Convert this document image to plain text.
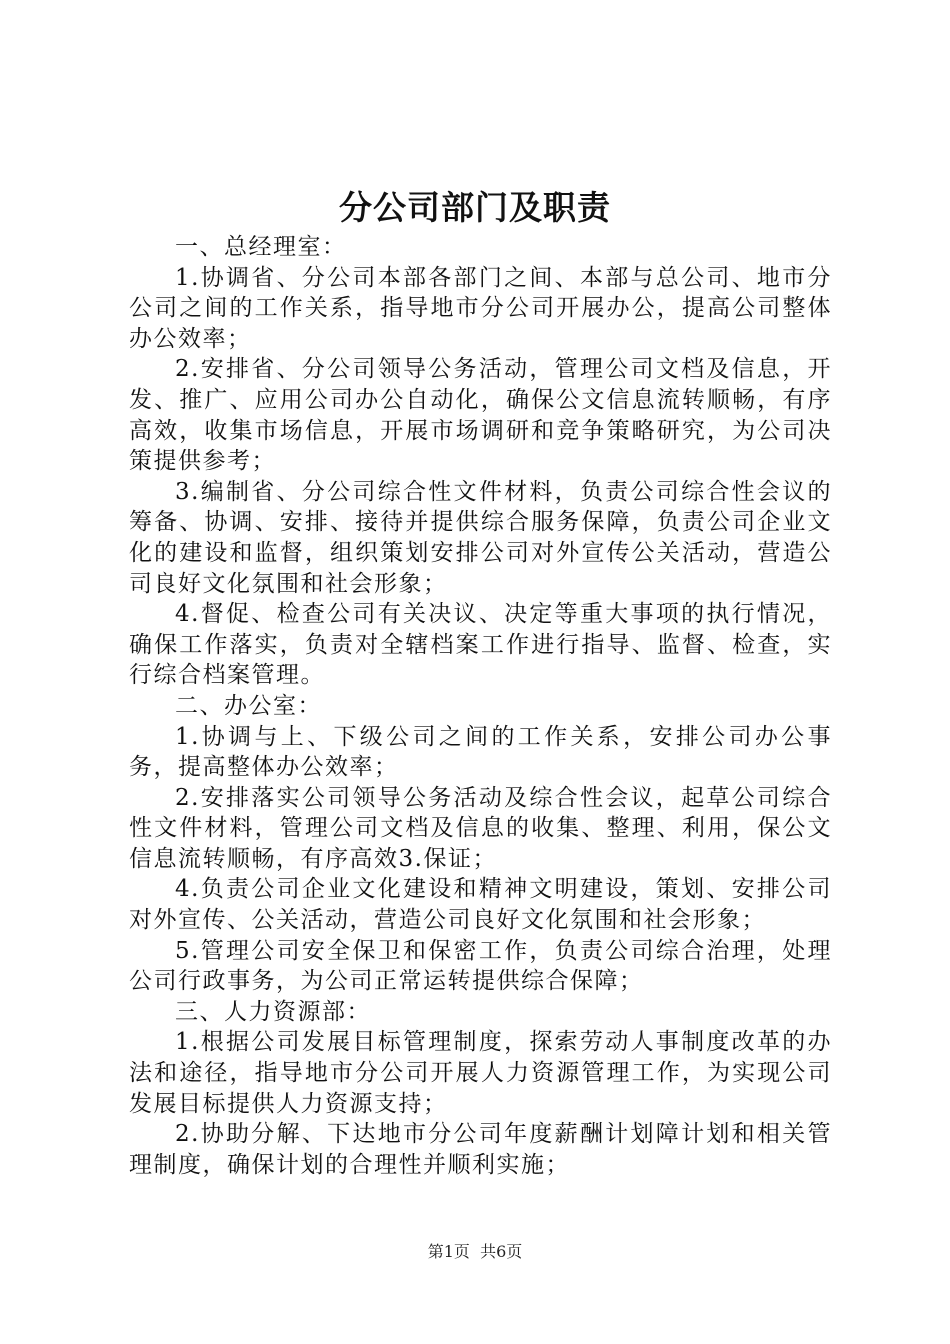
分公司部门及职责

一、总经理室：

1.协调省、分公司本部各部门之间、本部与总公司、地市分公司之间的工作关系，指导地市分公司开展办公，提高公司整体办公效率；

2.安排省、分公司领导公务活动，管理公司文档及信息，开发、推广、应用公司办公自动化，确保公文信息流转顺畅，有序高效，收集市场信息，开展市场调研和竞争策略研究，为公司决策提供参考；

3.编制省、分公司综合性文件材料，负责公司综合性会议的筹备、协调、安排、接待并提供综合服务保障，负责公司企业文化的建设和监督，组织策划安排公司对外宣传公关活动，营造公司良好文化氛围和社会形象；

4.督促、检查公司有关决议、决定等重大事项的执行情况，确保工作落实，负责对全辖档案工作进行指导、监督、检查，实行综合档案管理。

二、办公室：

1.协调与上、下级公司之间的工作关系，安排公司办公事务，提高整体办公效率；

2.安排落实公司领导公务活动及综合性会议，起草公司综合性文件材料，管理公司文档及信息的收集、整理、利用，保公文信息流转顺畅，有序高效3.保证；

4.负责公司企业文化建设和精神文明建设，策划、安排公司对外宣传、公关活动，营造公司良好文化氛围和社会形象；

5.管理公司安全保卫和保密工作，负责公司综合治理，处理公司行政事务，为公司正常运转提供综合保障；

三、人力资源部：

1.根据公司发展目标管理制度，探索劳动人事制度改革的办法和途径，指导地市分公司开展人力资源管理工作，为实现公司发展目标提供人力资源支持；

2.协助分解、下达地市分公司年度薪酬计划障计划和相关管理制度，确保计划的合理性并顺利实施；

第1页 共6页
